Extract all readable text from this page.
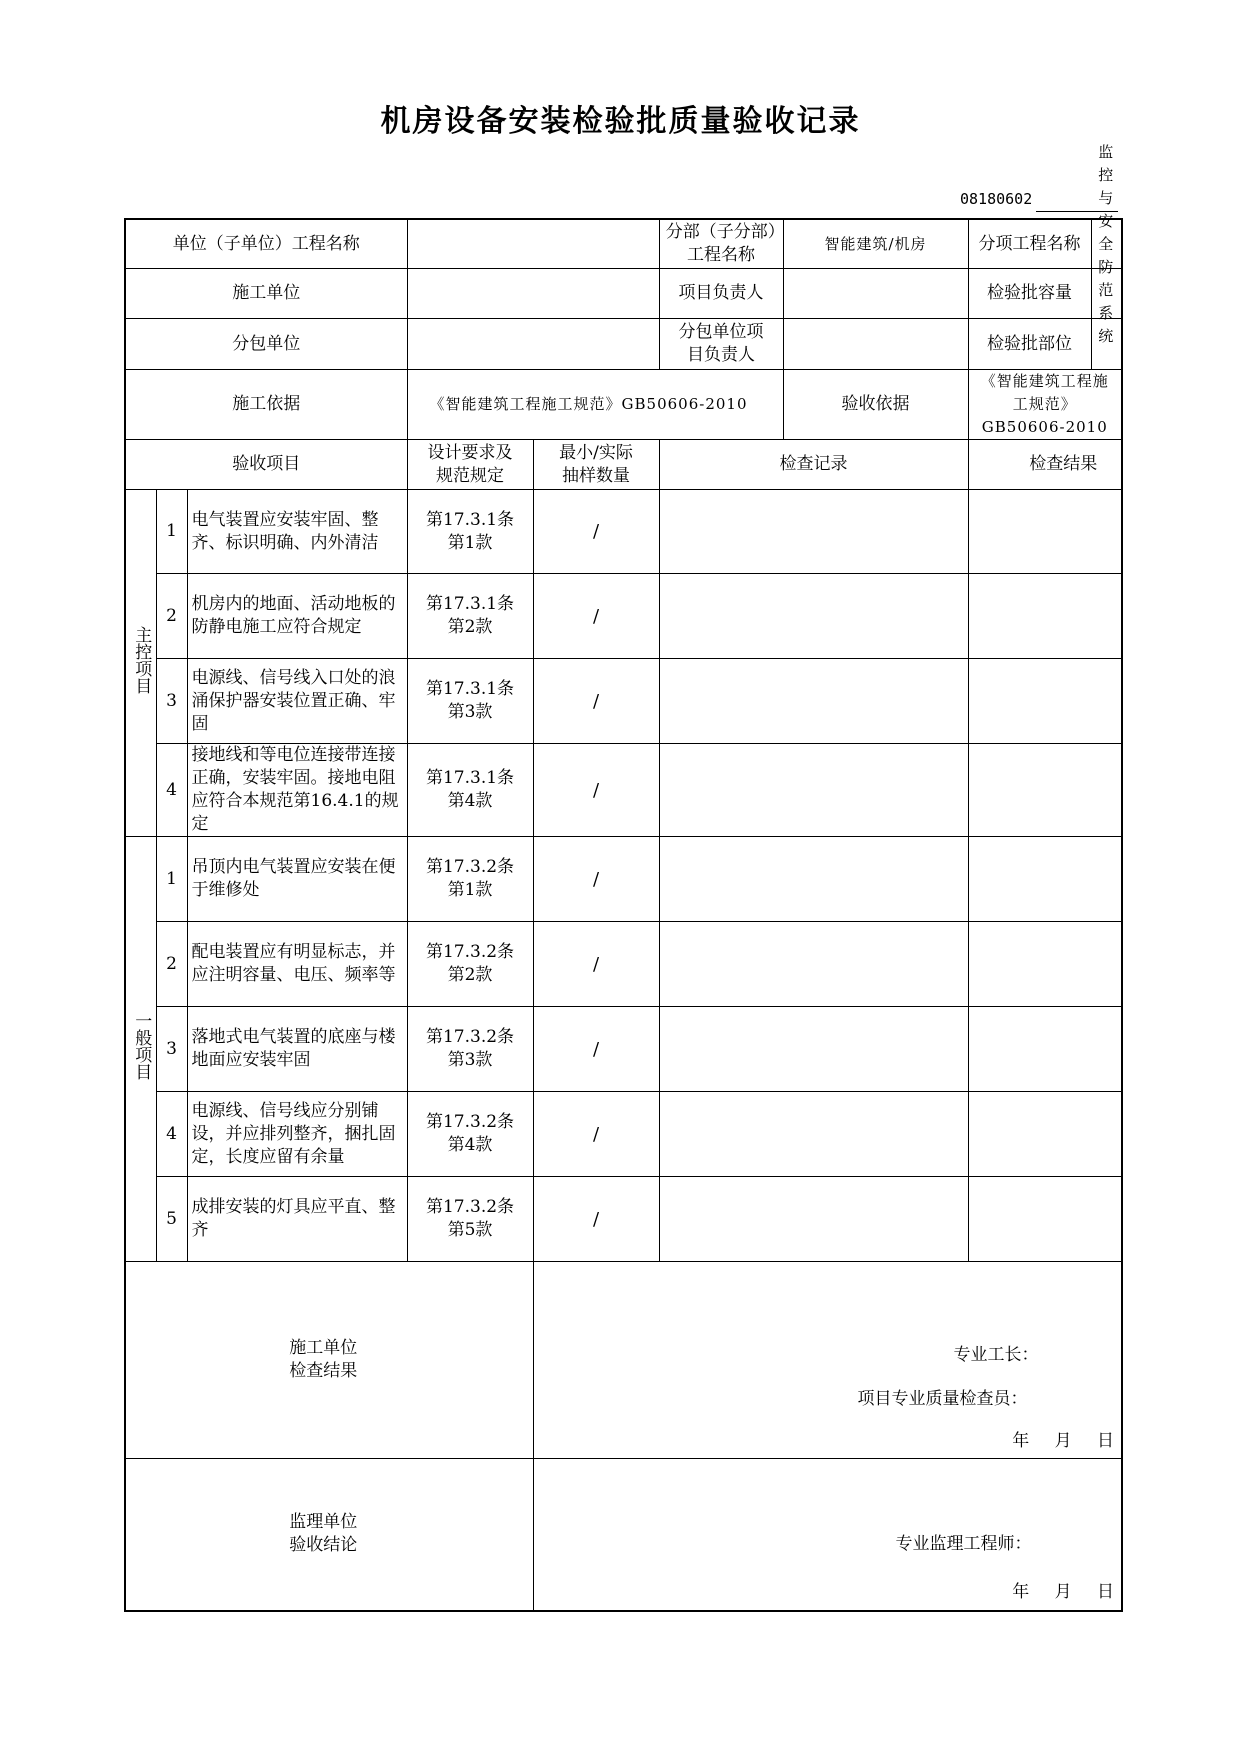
机房设备安装检验批质量验收记录
08180602
单位（子单位）工程名称					分部（子分部）工程名称	智能建筑/机房	分项工程名称
监控与安全防范系统

施工单位					项目负责人		检验批容量

分包单位					分包单位项目负责人		检验批部位

施工依据			《智能建筑工程施工规范》GB50606-2010			验收依据	《智能建筑工程施工规范》GB50606-2010
验收项目			设计要求及规范规定	最小/实际抽样数量	检查记录		检查结果
主控项目	1	电气装置应安装牢固、整齐、标识明确、内外清洁	第17.3.1条第1款	/			
	2	机房内的地面、活动地板的防静电施工应符合规定	第17.3.1条第2款	/			
	3	电源线、信号线入口处的浪涌保护器安装位置正确、牢固	第17.3.1条第3款	/			
	4	接地线和等电位连接带连接正确，安装牢固。接地电阻应符合本规范第16.4.1的规定	第17.3.1条第4款	/			
一般项目	1	吊顶内电气装置应安装在便于维修处	第17.3.2条第1款	/			
	2	配电装置应有明显标志，并应注明容量、电压、频率等	第17.3.2条第2款	/			
	3	落地式电气装置的底座与楼地面应安装牢固	第17.3.2条第3款	/			
	4	电源线、信号线应分别铺设，并应排列整齐，捆扎固定，长度应留有余量	第17.3.2条第4款	/			
	5	成排安装的灯具应平直、整齐	第17.3.2条第5款	/			
施工单位检查结果				专业工长：
项目专业质量检查员：
年 月 日			

监理单位验收结论				专业监理工程师：
年 月 日			
